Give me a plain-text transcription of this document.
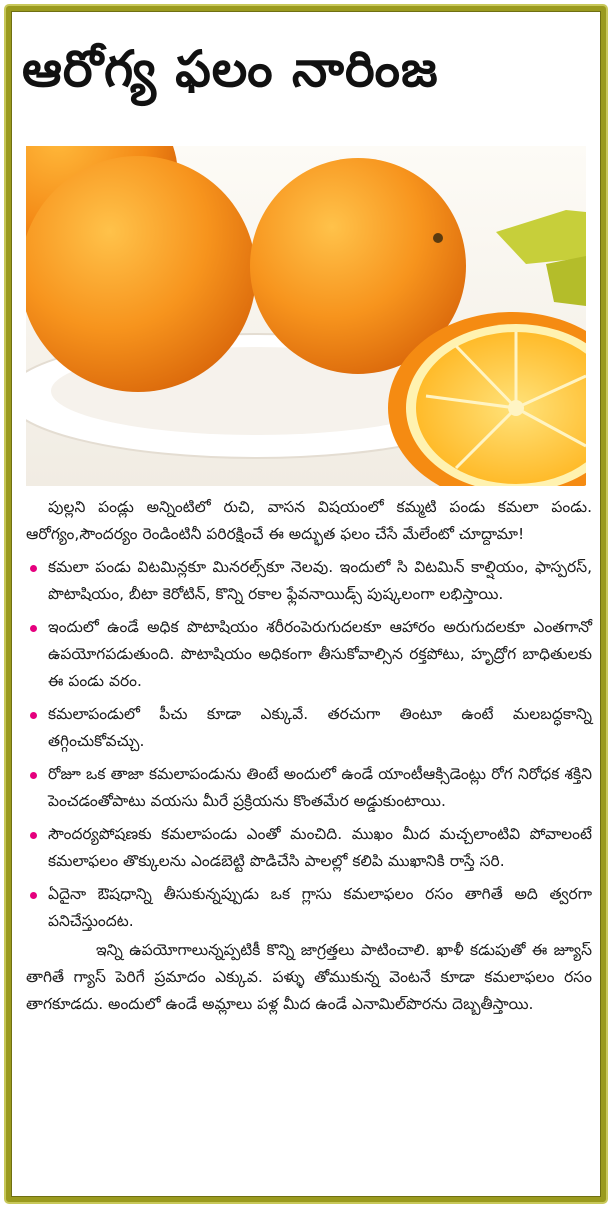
ఆరోగ్య ఫలం నారింజ

పుల్లని పండ్లు అన్నింటిలో రుచి, వాసన విషయంలో కమ్మటి పండు కమలా పండు. ఆరోగ్యం,సౌందర్యం రెండింటినీ పరిరక్షించే ఈ అద్భుత ఫలం చేసే మేలేంటో చూద్దామా!

కమలా పండు విటమిన్లకూ మినరల్స్‌కూ నెలవు. ఇందులో సి విటమిన్ కాల్షియం, ఫాస్పరస్, పొటాషియం, బీటా కెరోటిన్, కొన్ని రకాల ఫ్లేవనాయిడ్స్ పుష్కలంగా లభిస్తాయి.
ఇందులో ఉండే అధిక పొటాషియం శరీరంపెరుగుదలకూ ఆహారం అరుగుదలకూ ఎంతగానో ఉపయోగపడుతుంది. పొటాషియం అధికంగా తీసుకోవాల్సిన రక్తపోటు, హృద్రోగ బాధితులకు ఈ పండు వరం.
కమలాపండులో పీచు కూడా ఎక్కువే. తరచుగా తింటూ ఉంటే మలబద్ధకాన్ని తగ్గించుకోవచ్చు.
రోజూ ఒక తాజా కమలాపండును తింటే అందులో ఉండే యాంటీఆక్సిడెంట్లు రోగ నిరోధక శక్తిని పెంచడంతోపాటు వయసు మీరే ప్రక్రియను కొంతమేర అడ్డుకుంటాయి.
సౌందర్యపోషణకు కమలాపండు ఎంతో మంచిది. ముఖం మీద మచ్చలాంటివి పోవాలంటే కమలాఫలం తొక్కులను ఎండబెట్టి పొడిచేసి పాలల్లో కలిపి ముఖానికి రాస్తే సరి.
ఏదైనా ఔషధాన్ని తీసుకున్నప్పుడు ఒక గ్లాసు కమలాఫలం రసం తాగితే అది త్వరగా పనిచేస్తుందట.

ఇన్ని ఉపయోగాలున్నప్పటికీ కొన్ని జాగ్రత్తలు పాటించాలి. ఖాళీ కడుపుతో ఈ జ్యూస్ తాగితే గ్యాస్ పెరిగే ప్రమాదం ఎక్కువ. పళ్ళు తోముకున్న వెంటనే కూడా కమలాఫలం రసం తాగకూడదు. అందులో ఉండే అమ్లాలు పళ్ల మీద ఉండే ఎనామిల్‌పొరను దెబ్బతీస్తాయి.
